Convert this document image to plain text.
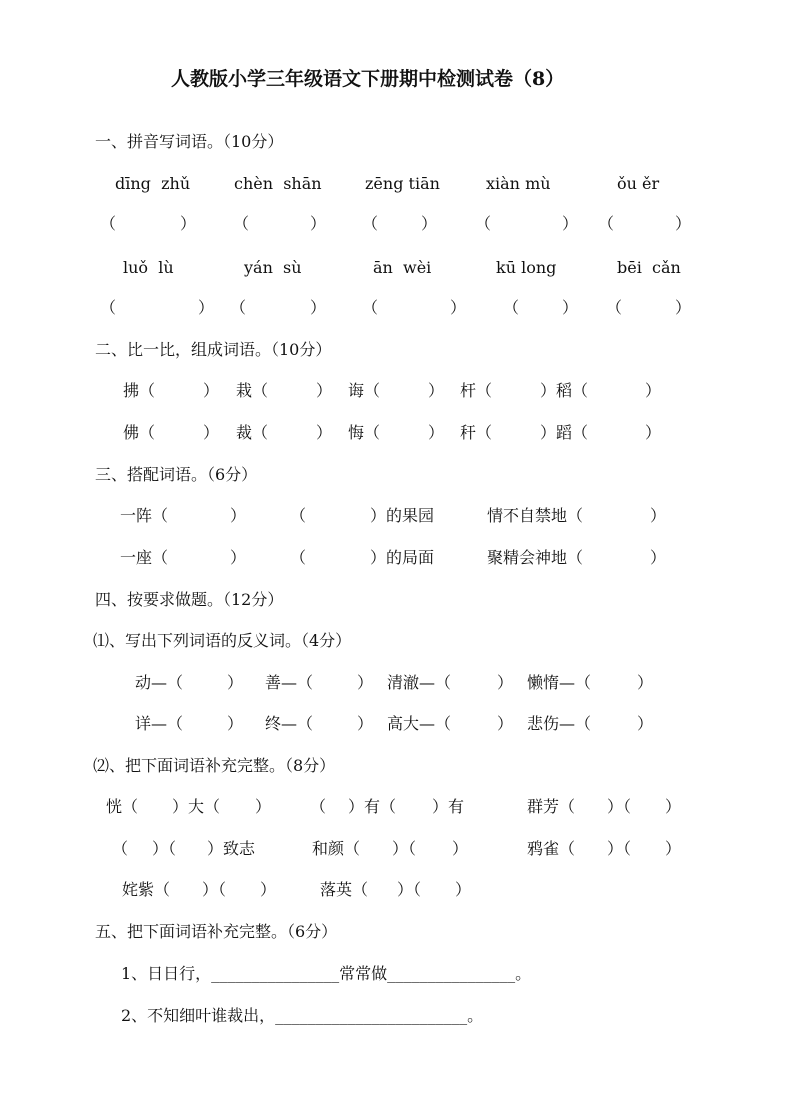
人教版小学三年级语文下册期中检测试卷（8）
一、拼音写词语。（10分）
dīng  zhǔ	chèn  shān	zēng tiān	xiàn mù	ǒu ěr
（	） （	） （	） （	） （	）
luǒ  lù	yán  sù	ān  wèi	kū long	bēi  cǎn
（	） （	） （	） （	） （	）
二、比一比，组成词语。（10分）
拂（	） 栽（	） 诲（	） 杆（	）稻（	）
佛（	） 裁（	） 悔（	） 秆（	）蹈（	）
三、搭配词语。（6分）
一阵（	）	（	）的果园	情不自禁地（	）
一座（	）	（	）的局面	聚精会神地（	）
四、按要求做题。（12分）
⑴、写出下列词语的反义词。（4分）
动—（	） 善—（	） 清澈—（	） 懒惰—（	）
详—（	） 终—（	） 高大—（	） 悲伤—（	）
⑵、把下面词语补充完整。（8分）
恍（ ）大（ ） （ ）有（ ）有	群芳（ ）（ ）
（ ）（ ）致志	和颜（ ）（ ）	鸦雀（ ）（ ）
姹紫（ ）（ ）	落英（ ）（ ）
五、把下面词语补充完整。（6分）
1、日日行，________________常常做________________。
2、不知细叶谁裁出，________________________。
